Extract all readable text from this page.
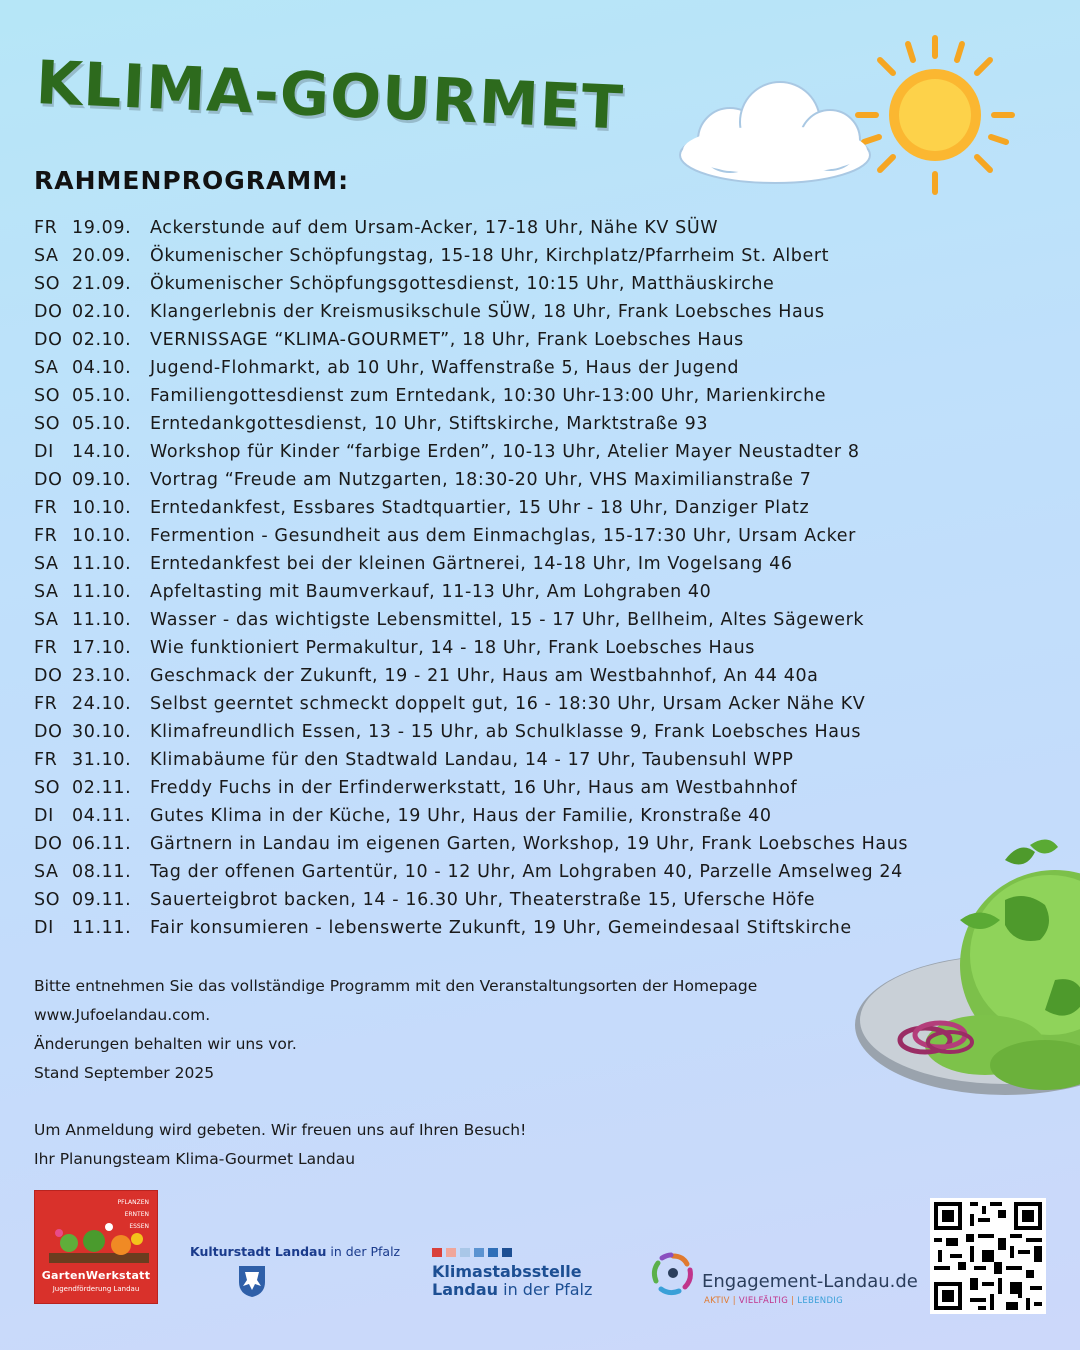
KLIMA-GOURMET
RAHMENPROGRAMM:
FR 19.09. Ackerstunde auf dem Ursam-Acker, 17-18 Uhr, Nähe KV SÜW
SA 20.09. Ökumenischer Schöpfungstag, 15-18 Uhr, Kirchplatz/Pfarrheim St. Albert
SO 21.09. Ökumenischer Schöpfungsgottesdienst, 10:15 Uhr, Matthäuskirche
DO 02.10. Klangerlebnis der Kreismusikschule SÜW, 18 Uhr, Frank Loebsches Haus
DO 02.10. VERNISSAGE “KLIMA-GOURMET”, 18 Uhr, Frank Loebsches Haus
SA 04.10. Jugend-Flohmarkt, ab 10 Uhr, Waffenstraße 5, Haus der Jugend
SO 05.10. Familiengottesdienst zum Erntedank, 10:30 Uhr-13:00 Uhr, Marienkirche
SO 05.10. Erntedankgottesdienst, 10 Uhr, Stiftskirche, Marktstraße 93
DI 14.10. Workshop für Kinder “farbige Erden”, 10-13 Uhr, Atelier Mayer Neustadter 8
DO 09.10. Vortrag “Freude am Nutzgarten, 18:30-20 Uhr, VHS Maximilianstraße 7
FR 10.10. Erntedankfest, Essbares Stadtquartier, 15 Uhr - 18 Uhr, Danziger Platz
FR 10.10. Fermention - Gesundheit aus dem Einmachglas, 15-17:30 Uhr, Ursam Acker
SA 11.10. Erntedankfest bei der kleinen Gärtnerei, 14-18 Uhr, Im Vogelsang 46
SA 11.10. Apfeltasting mit Baumverkauf, 11-13 Uhr, Am Lohgraben 40
SA 11.10. Wasser - das wichtigste Lebensmittel, 15 - 17 Uhr, Bellheim, Altes Sägewerk
FR 17.10. Wie funktioniert Permakultur, 14 - 18 Uhr, Frank Loebsches Haus
DO 23.10. Geschmack der Zukunft, 19 - 21 Uhr, Haus am Westbahnhof, An 44 40a
FR 24.10. Selbst geerntet schmeckt doppelt gut, 16 - 18:30 Uhr, Ursam Acker Nähe KV
DO 30.10. Klimafreundlich Essen, 13 - 15 Uhr, ab Schulklasse 9, Frank Loebsches Haus
FR 31.10. Klimabäume für den Stadtwald Landau, 14 - 17 Uhr, Taubensuhl WPP
SO 02.11. Freddy Fuchs in der Erfinderwerkstatt, 16 Uhr, Haus am Westbahnhof
DI 04.11. Gutes Klima in der Küche, 19 Uhr, Haus der Familie, Kronstraße 40
DO 06.11. Gärtnern in Landau im eigenen Garten, Workshop, 19 Uhr, Frank Loebsches Haus
SA 08.11. Tag der offenen Gartentür, 10 - 12 Uhr, Am Lohgraben 40, Parzelle Amselweg 24
SO 09.11. Sauerteigbrot backen, 14 - 16.30 Uhr, Theaterstraße 15, Ufersche Höfe
DI 11.11. Fair konsumieren - lebenswerte Zukunft, 19 Uhr, Gemeindesaal Stiftskirche

Bitte entnehmen Sie das vollständige Programm mit den Veranstaltungsorten der Homepage

www.Jufoelandau.com.

Änderungen behalten wir uns vor.

Stand September 2025

Um Anmeldung wird gebeten. Wir freuen uns auf Ihren Besuch!

Ihr Planungsteam Klima-Gourmet Landau

PFLANZEN
ERNTEN
ESSEN
GartenWerkstatt
Jugendförderung Landau
Kulturstadt Landau in der Pfalz
Klimastabsstelle
Landau in der Pfalz	Engagement-Landau.de
AKTIV | VIELFÄLTIG | LEBENDIG
